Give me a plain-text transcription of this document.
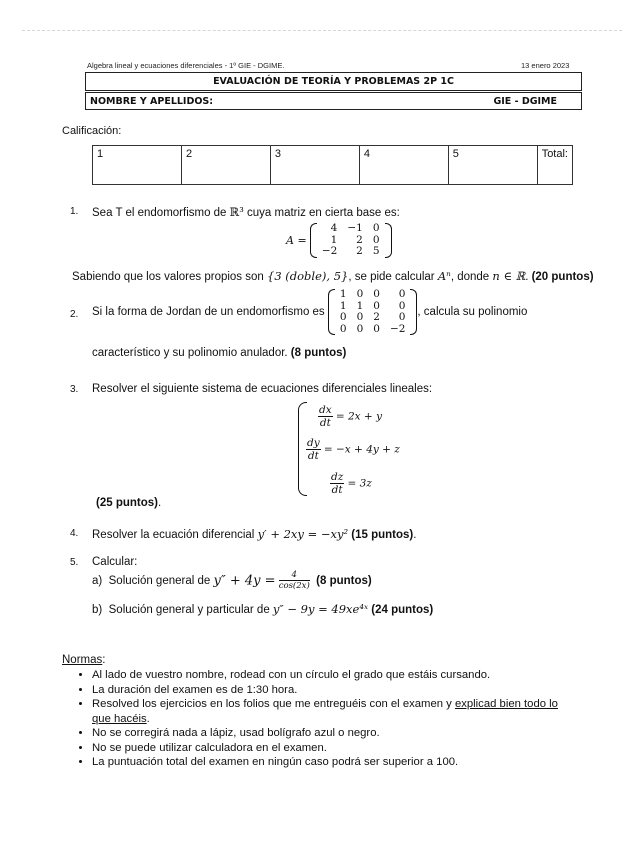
Algebra lineal y ecuaciones diferenciales - 1º GIE - DGIME.	13 enero 2023
EVALUACIÓN DE TEORÍA Y PROBLEMAS 2P 1C
NOMBRE Y APELLIDOS:	GIE - DGIME
Calificación:
1	2	3	4	5	Total:
1.	Sea T el endomorfismo de ℝ³ cuya matriz en cierta base es:
A =
4	−1	0
1	2	0
−2	2	5
Sabiendo que los valores propios son {3 (doble), 5}, se pide calcular Aⁿ, donde n ∈ ℝ. (20 puntos)
2.	Si la forma de Jordan de un endomorfismo es
1	0	0	0
1	1	0	0
0	0	2	0
0	0	0	−2
, calcula su polinomio
característico y su polinomio anulador. (8 puntos)
3.	Resolver el siguiente sistema de ecuaciones diferenciales lineales:
$\frac{dx}{dt} = 2x + y$
$\frac{dy}{dt} = -x + 4y + z$
$\frac{dz}{dt} = 3z$
(25 puntos).
4.	Resolver la ecuación diferencial y′ + 2xy = −xy² (15 puntos).
5.	Calcular:
a) Solución general de $y'' + 4y = \frac{4}{\cos(2x)} (8$ puntos)
b) Solución general y particular de y″ − 9y = 49xe⁴ˣ (24 puntos)
Normas:
• Al lado de vuestro nombre, rodead con un círculo el grado que estáis cursando.
• La duración del examen es de 1:30 hora.
• Resolved los ejercicios en los folios que me entreguéis con el examen y explicad bien todo lo
que hacéis.
• No se corregirá nada a lápiz, usad bolígrafo azul o negro.
• No se puede utilizar calculadora en el examen.
• La puntuación total del examen en ningún caso podrá ser superior a 100.
